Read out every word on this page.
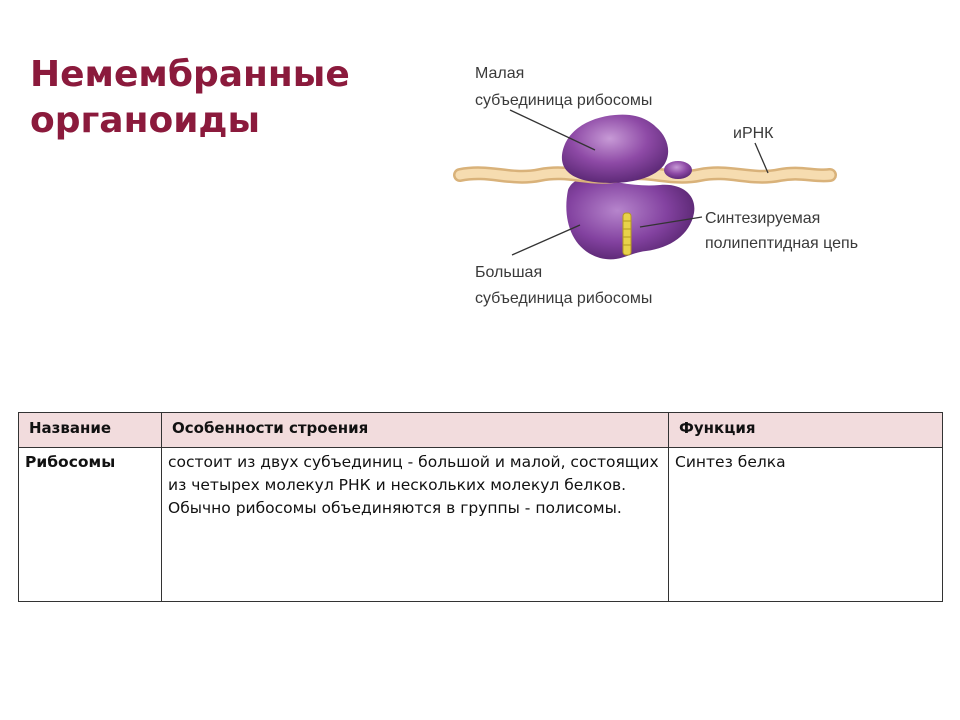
Немембранные
органоиды
Малая
субъединица рибосомы
иРНК
Синтезируемая
полипептидная цепь
Большая
субъединица рибосомы
Название	Особенности строения	Функция
Рибосомы	состоит из двух субъединиц - большой и малой, состоящих из четырех молекул РНК и нескольких молекул белков. Обычно рибосомы объединяются в группы - полисомы.	Синтез белка
